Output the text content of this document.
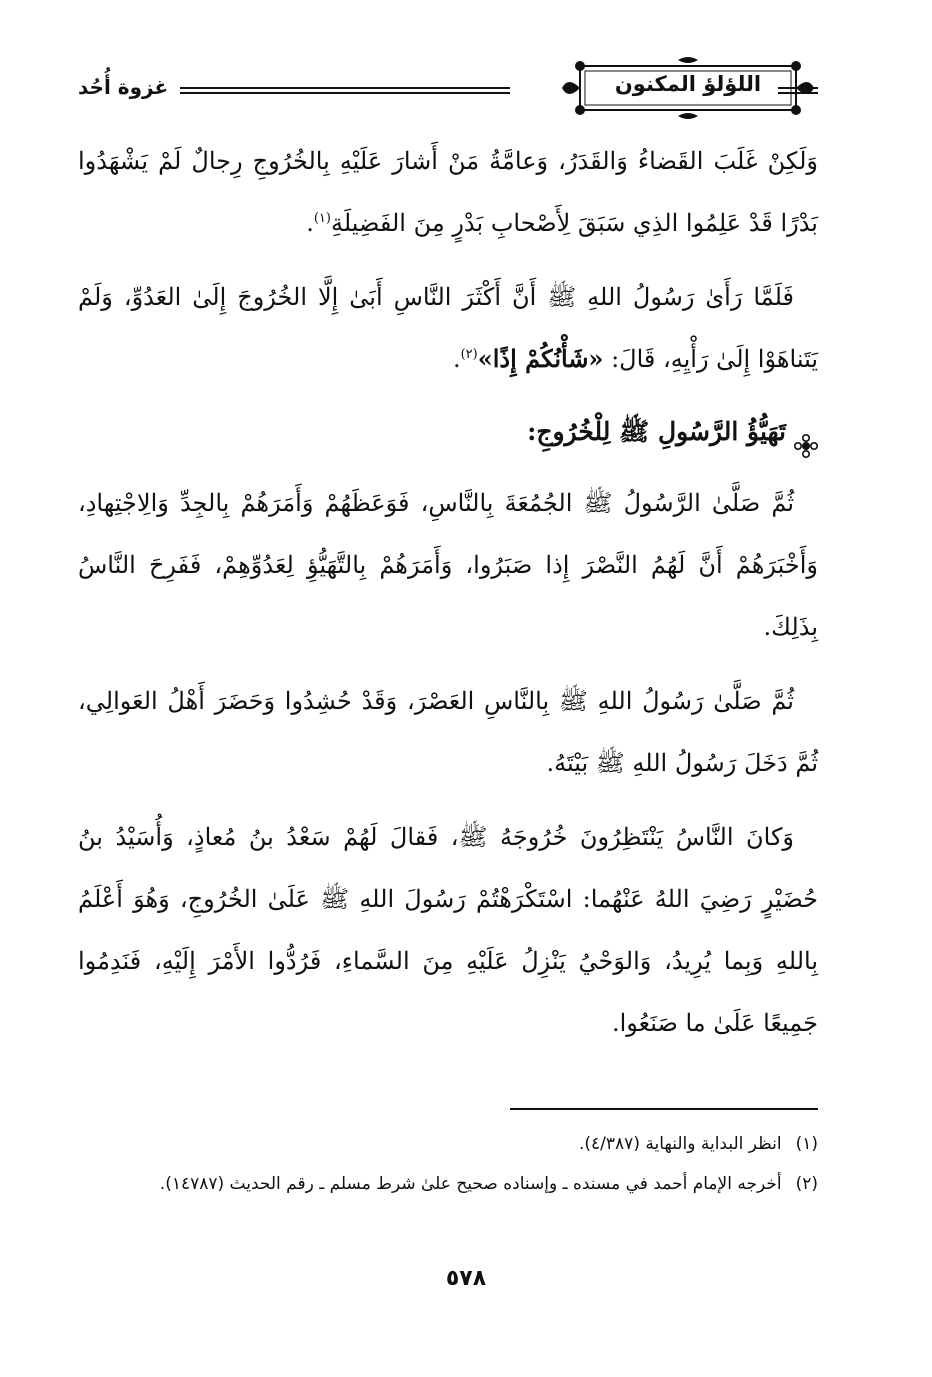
اللؤلؤ المكنون
غزوة أُحُد

وَلَكِنْ غَلَبَ القَضاءُ وَالقَدَرُ، وَعامَّةُ مَنْ أَشارَ عَلَيْهِ بِالخُرُوجِ رِجالٌ لَمْ يَشْهَدُوا بَدْرًا قَدْ عَلِمُوا الذِي سَبَقَ لِأَصْحابِ بَدْرٍ مِنَ الفَضِيلَةِ$^{(١)}$.

فَلَمَّا رَأَىٰ رَسُولُ اللهِ ﷺ أَنَّ أَكْثَرَ النَّاسِ أَبَىٰ إِلَّا الخُرُوجَ إِلَىٰ العَدُوِّ، وَلَمْ يَتَناهَوْا إِلَىٰ رَأْيِهِ، قَالَ: «شَأْنُكُمْ إِذًا»$^{(٢)}$.

تَهَيُّؤُ الرَّسُولِ ﷺ لِلْخُرُوجِ:

ثُمَّ صَلَّىٰ الرَّسُولُ ﷺ الجُمُعَةَ بِالنَّاسِ، فَوَعَظَهُمْ وَأَمَرَهُمْ بِالجِدِّ وَالِاجْتِهادِ، وَأَخْبَرَهُمْ أَنَّ لَهُمُ النَّصْرَ إِذا صَبَرُوا، وَأَمَرَهُمْ بِالتَّهَيُّؤِ لِعَدُوِّهِمْ، فَفَرِحَ النَّاسُ بِذَلِكَ.

ثُمَّ صَلَّىٰ رَسُولُ اللهِ ﷺ بِالنَّاسِ العَصْرَ، وَقَدْ حُشِدُوا وَحَضَرَ أَهْلُ العَوالِي، ثُمَّ دَخَلَ رَسُولُ اللهِ ﷺ بَيْتَهُ.

وَكانَ النَّاسُ يَنْتَظِرُونَ خُرُوجَهُ ﷺ، فَقالَ لَهُمْ سَعْدُ بنُ مُعاذٍ، وَأُسَيْدُ بنُ حُضَيْرٍ رَضِيَ اللهُ عَنْهُما: اسْتَكْرَهْتُمْ رَسُولَ اللهِ ﷺ عَلَىٰ الخُرُوجِ، وَهُوَ أَعْلَمُ بِاللهِ وَبِما يُرِيدُ، وَالوَحْيُ يَنْزِلُ عَلَيْهِ مِنَ السَّماءِ، فَرُدُّوا الأَمْرَ إِلَيْهِ، فَنَدِمُوا جَمِيعًا عَلَىٰ ما صَنَعُوا.

(١)
انظر البداية والنهاية (٤/٣٨٧).
(٢)
أخرجه الإمام أحمد في مسنده ـ وإسناده صحيح علىٰ شرط مسلم ـ رقم الحديث (١٤٧٨٧).
٥٧٨
